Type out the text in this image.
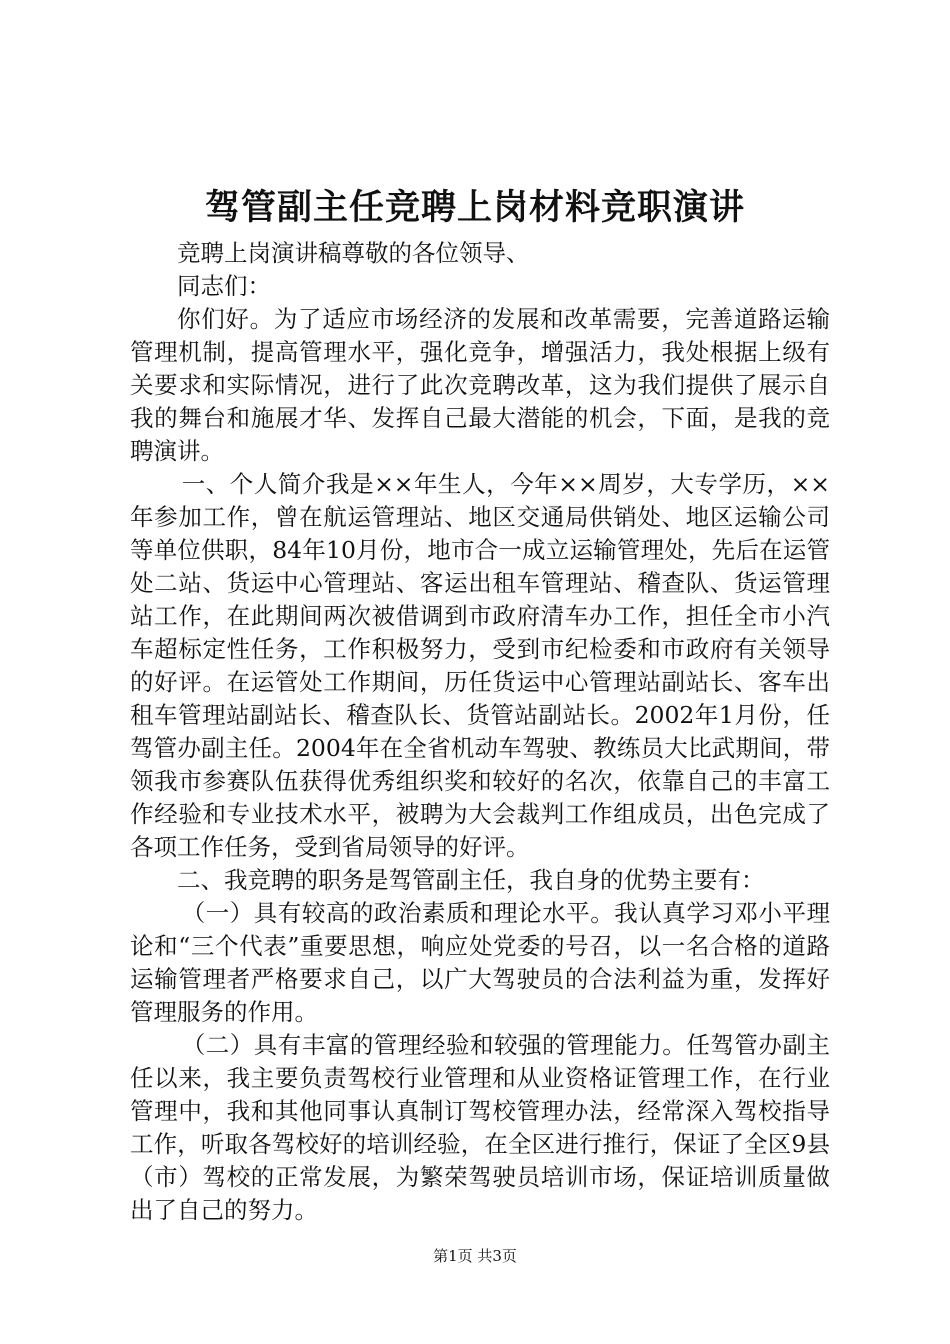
驾管副主任竞聘上岗材料竞职演讲

竞聘上岗演讲稿尊敬的各位领导、

同志们：

你们好。为了适应市场经济的发展和改革需要，完善道路运输管理机制，提高管理水平，强化竞争，增强活力，我处根据上级有关要求和实际情况，进行了此次竞聘改革，这为我们提供了展示自我的舞台和施展才华、发挥自己最大潜能的机会，下面，是我的竞聘演讲。

一、个人简介我是××年生人，今年××周岁，大专学历，××年参加工作，曾在航运管理站、地区交通局供销处、地区运输公司等单位供职，84年10月份，地市合一成立运输管理处，先后在运管处二站、货运中心管理站、客运出租车管理站、稽查队、货运管理站工作，在此期间两次被借调到市政府清车办工作，担任全市小汽车超标定性任务，工作积极努力，受到市纪检委和市政府有关领导的好评。在运管处工作期间，历任货运中心管理站副站长、客车出租车管理站副站长、稽查队长、货管站副站长。2002年1月份，任驾管办副主任。2004年在全省机动车驾驶、教练员大比武期间，带领我市参赛队伍获得优秀组织奖和较好的名次，依靠自己的丰富工作经验和专业技术水平，被聘为大会裁判工作组成员，出色完成了各项工作任务，受到省局领导的好评。

二、我竞聘的职务是驾管副主任，我自身的优势主要有：

（一）具有较高的政治素质和理论水平。我认真学习邓小平理论和“三个代表”重要思想，响应处党委的号召，以一名合格的道路运输管理者严格要求自己，以广大驾驶员的合法利益为重，发挥好管理服务的作用。

（二）具有丰富的管理经验和较强的管理能力。任驾管办副主任以来，我主要负责驾校行业管理和从业资格证管理工作，在行业管理中，我和其他同事认真制订驾校管理办法，经常深入驾校指导工作，听取各驾校好的培训经验，在全区进行推行，保证了全区9县（市）驾校的正常发展，为繁荣驾驶员培训市场，保证培训质量做出了自己的努力。

第1页 共3页
